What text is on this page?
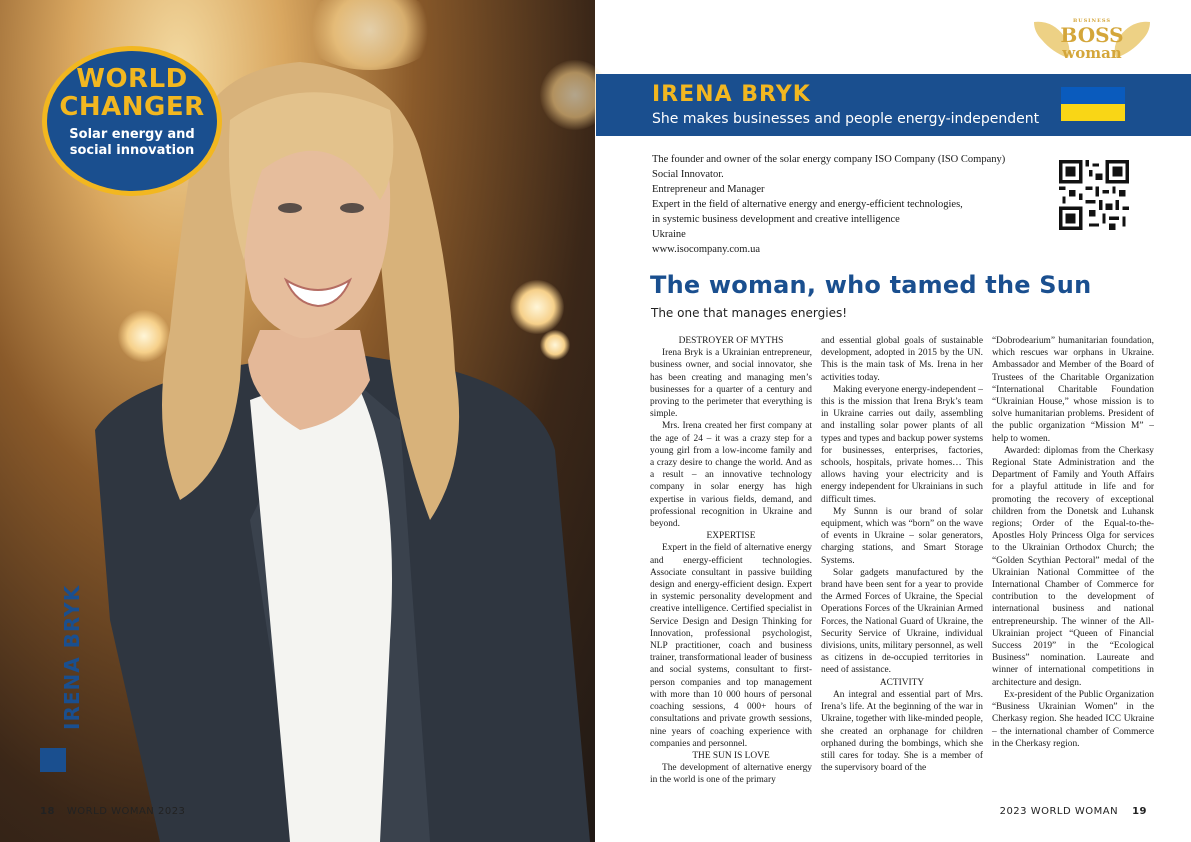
WORLD
CHANGER
Solar energy and
social innovation
IRENA BRYK
18 WORLD WOMAN 2023
BUSINESS
BOSS
woman
IRENA BRYK
She makes businesses and people energy-independent
The founder and owner of the solar energy company ISO Company (ISO Company)
Social Innovator.
Entrepreneur and Manager
Expert in the field of alternative energy and energy-efficient technologies,
in systemic business development and creative intelligence
Ukraine
www.isocompany.com.ua
The woman, who tamed the Sun
The one that manages energies!

DESTROYER OF MYTHS

Irena Bryk is a Ukrainian entrepreneur, business owner, and social innovator, she has been creating and managing men’s businesses for a quarter of a century and proving to the perimeter that everything is simple.

Mrs. Irena created her first company at the age of 24 – it was a crazy step for a young girl from a low-income family and a crazy desire to change the world. And as a result – an innovative technology company in solar energy has high expertise in various fields, demand, and professional recognition in Ukraine and beyond.

EXPERTISE

Expert in the field of alternative energy and energy-efficient technologies. Associate consultant in passive building design and energy-efficient design. Expert in systemic personality development and creative intelligence. Certified specialist in Service Design and Design Thinking for Innovation, professional psychologist, NLP practitioner, coach and business trainer, transformational leader of business and social systems, consultant to first-person companies and top management with more than 10 000 hours of personal coaching sessions, 4 000+ hours of consultations and private growth sessions, nine years of coaching experience with companies and personnel.

THE SUN IS LOVE

The development of alternative energy in the world is one of the primary

and essential global goals of sustainable development, adopted in 2015 by the UN. This is the main task of Ms. Irena in her activities today.

Making everyone energy-independent – this is the mission that Irena Bryk’s team in Ukraine carries out daily, assembling and installing solar power plants of all types and types and backup power systems for businesses, enterprises, factories, schools, hospitals, private homes… This allows having your electricity and is energy independent for Ukrainians in such difficult times.

My Sunnn is our brand of solar equipment, which was “born” on the wave of events in Ukraine – solar generators, charging stations, and Smart Storage Systems.

Solar gadgets manufactured by the brand have been sent for a year to provide the Armed Forces of Ukraine, the Special Operations Forces of the Ukrainian Armed Forces, the National Guard of Ukraine, the Security Service of Ukraine, individual divisions, units, military personnel, as well as citizens in de-occupied territories in need of assistance.

ACTIVITY

An integral and essential part of Mrs. Irena’s life. At the beginning of the war in Ukraine, together with like-minded people, she created an orphanage for children orphaned during the bombings, which she still cares for today. She is a member of the supervisory board of the

“Dobrodearium” humanitarian foundation, which rescues war orphans in Ukraine. Ambassador and Member of the Board of Trustees of the Charitable Organization “International Charitable Foundation “Ukrainian House,” whose mission is to solve humanitarian problems. President of the public organization “Mission M” – help to women.

Awarded: diplomas from the Cherkasy Regional State Administration and the Department of Family and Youth Affairs for a playful attitude in life and for promoting the recovery of exceptional children from the Donetsk and Luhansk regions; Order of the Equal-to-the-Apostles Holy Princess Olga for services to the Ukrainian Orthodox Church; the “Golden Scythian Pectoral” medal of the Ukrainian National Committee of the International Chamber of Commerce for contribution to the development of international business and national entrepreneurship. The winner of the All-Ukrainian project “Queen of Financial Success 2019” in the “Ecological Business” nomination. Laureate and winner of international competitions in architecture and design.

Ex-president of the Public Organization “Business Ukrainian Women” in the Cherkasy region. She headed ICC Ukraine – the international chamber of Commerce in the Cherkasy region.

2023 WORLD WOMAN 19
